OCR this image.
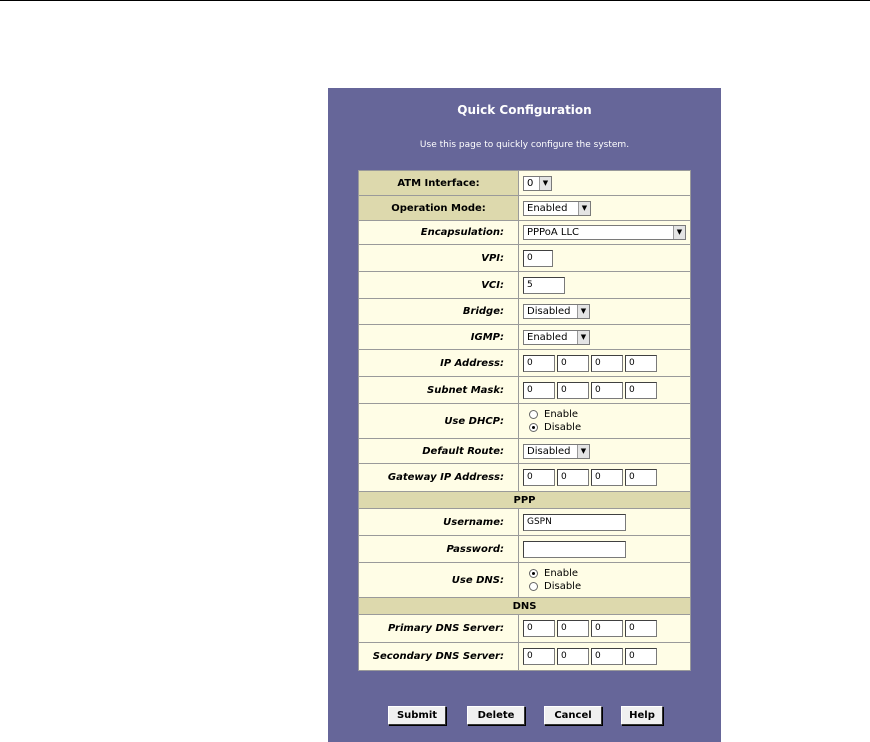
Quick Configuration
Use this page to quickly configure the system.
ATM Interface:	0 ▼

Operation Mode:	Enabled ▼

Encapsulation:	PPPoA LLC ▼

VPI:	0
VCI:	5
Bridge:	Disabled ▼

IGMP:	Enabled ▼

IP Address:	0 0 0 0
Subnet Mask:	0 0 0 0
Use DHCP:	Enable
Disable

Default Route:	Disabled ▼

Gateway IP Address:	0 0 0 0
PPP	
Username:	GSPN
Password:	
Use DNS:	Enable
Disable

DNS	
Primary DNS Server:	0 0 0 0
Secondary DNS Server:	0 0 0 0
Submit	Delete	Cancel	Help
